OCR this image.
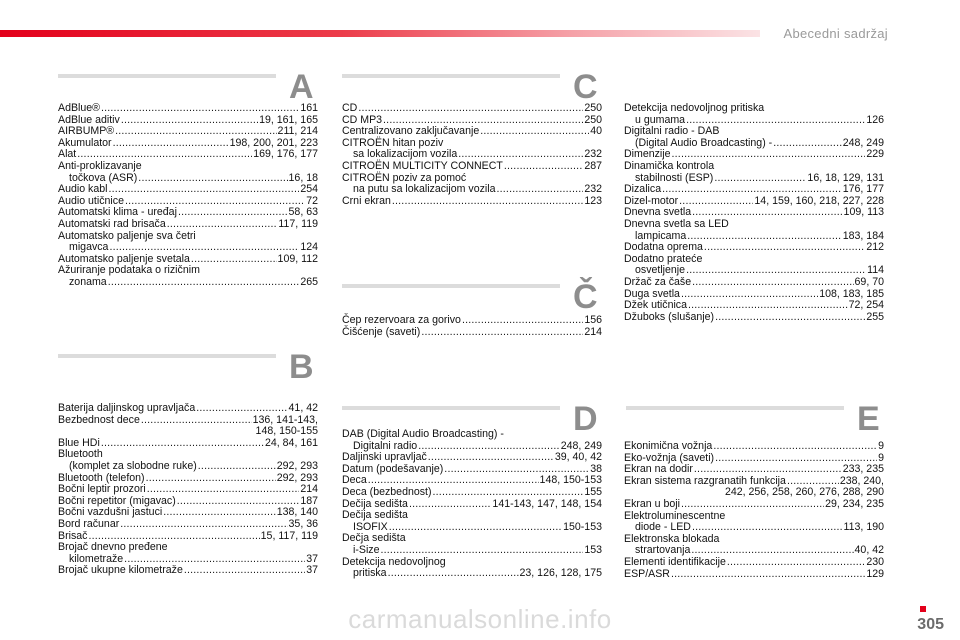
Abecedni sadržaj
A	C
Č
B
D	E
AdBlue® .....	161
AdBlue aditiv .....	19, 161, 165
AIRBUMP® .....	211, 214
Akumulator .....	198, 200, 201, 223
Alat .....	169, 176, 177
Anti-proklizavanje
točkova (ASR) .....	16, 18
Audio kabl .....	254
Audio utičnice .....	72
Automatski klima - uređaj .....	58, 63
Automatski rad brisača .....	117, 119
Automatsko paljenje sva četri
migavca .....	124
Automatsko paljenje svetala .....	109, 112
Ažuriranje podataka o rizičnim
zonama .....	265
Baterija daljinskog upravljača .....	41, 42
Bezbednost dece .....	136, 141-143,
148, 150-155
Blue HDi .....	24, 84, 161
Bluetooth
(komplet za slobodne ruke) .....	292, 293
Bluetooth (telefon) .....	292, 293
Bočni leptir prozori .....	214
Bočni repetitor (migavac) .....	187
Bočni vazdušni jastuci .....	138, 140
Bord računar .....	35, 36
Brisač .....	15, 117, 119
Brojač dnevno pređene
kilometraže .....	37
Brojač ukupne kilometraže .....	37
CD .....	250
CD MP3 .....	250
Centralizovano zaključavanje .....	40
CITROËN hitan poziv
sa lokalizacijom vozila .....	232
CITROËN MULTICITY CONNECT .....	287
CITROËN poziv za pomoć
na putu sa lokalizacijom vozila .....	232
Crni ekran .....	123
Čep rezervoara za gorivo .....	156
Čišćenje (saveti) .....	214
DAB (Digital Audio Broadcasting) -
Digitalni radio .....	248, 249
Daljinski upravljač .....	39, 40, 42
Datum (podešavanje) .....	38
Deca .....	148, 150-153
Deca (bezbednost) .....	155
Dečija sedišta .....	141-143, 147, 148, 154
Dečija sedišta
ISOFIX .....	150-153
Dečja sedišta
i-Size .....	153
Detekcija nedovoljnog
pritiska .....	23, 126, 128, 175
Detekcija nedovoljnog pritiska
u gumama .....	126
Digitalni radio - DAB
(Digital Audio Broadcasting) - .....	248, 249
Dimenzije .....	229
Dinamička kontrola
stabilnosti (ESP) .....	16, 18, 129, 131
Dizalica .....	176, 177
Dizel-motor .....	14, 159, 160, 218, 227, 228
Dnevna svetla .....	109, 113
Dnevna svetla sa LED
lampicama .....	183, 184
Dodatna oprema .....	212
Dodatno prateće
osvetljenje .....	114
Držač za čaše .....	69, 70
Duga svetla .....	108, 183, 185
Džek utičnica .....	72, 254
Džuboks (slušanje) .....	255
Ekonimična vožnja .....	9
Eko-vožnja (saveti) .....	9
Ekran na dodir .....	233, 235
Ekran sistema razgranatih funkcija .....	238, 240,
242, 256, 258, 260, 276, 288, 290
Ekran u boji .....	29, 234, 235
Elektroluminescentne
diode - LED .....	113, 190
Elektronska blokada
strartovanja .....	40, 42
Elementi identifikacije .....	230
ESP/ASR .....	129
carmanualsonline.info	305
